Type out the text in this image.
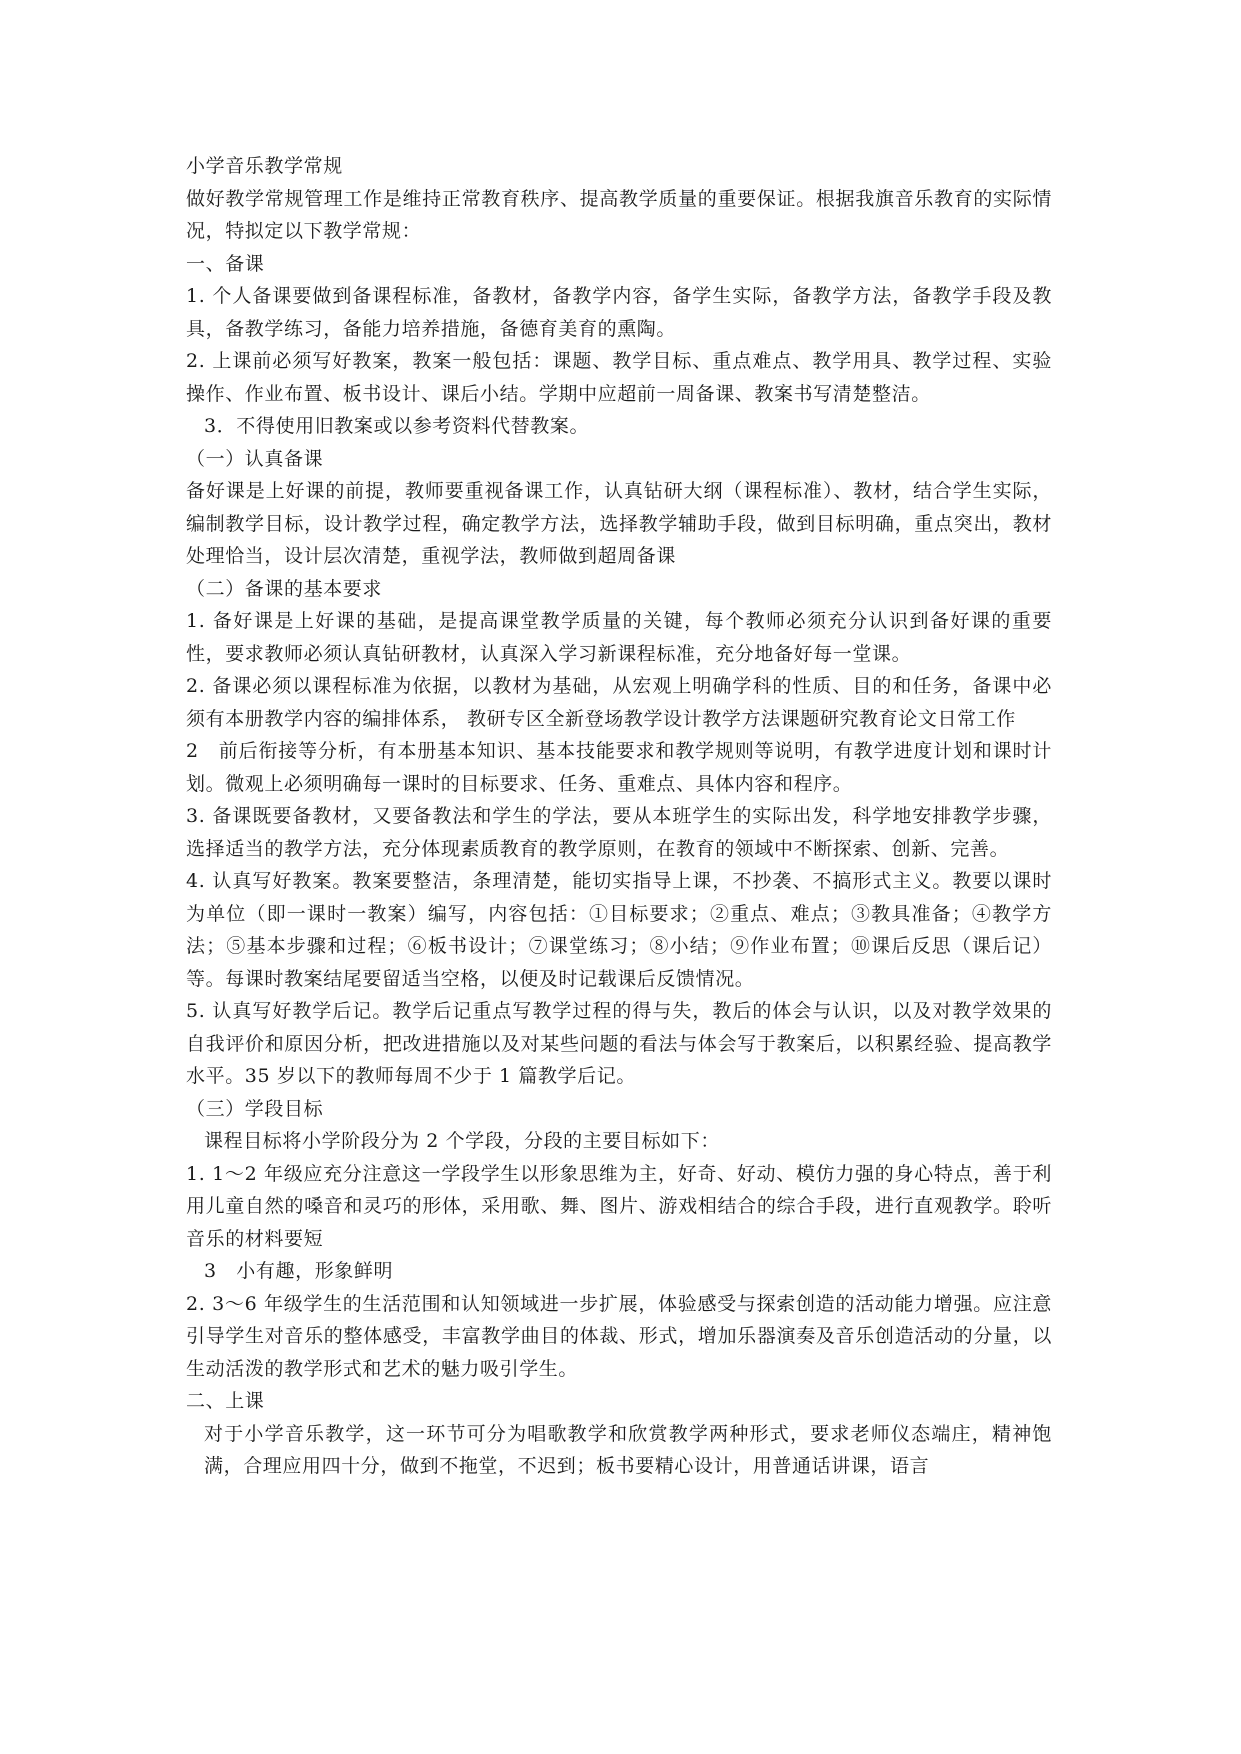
小学音乐教学常规

做好教学常规管理工作是维持正常教育秩序、提高教学质量的重要保证。根据我旗音乐教育的实际情况，特拟定以下教学常规：

一、备课

1. 个人备课要做到备课程标准，备教材，备教学内容，备学生实际，备教学方法，备教学手段及教具，备教学练习，备能力培养措施，备德育美育的熏陶。

2. 上课前必须写好教案，教案一般包括：课题、教学目标、重点难点、教学用具、教学过程、实验操作、作业布置、板书设计、课后小结。学期中应超前一周备课、教案书写清楚整洁。

3．不得使用旧教案或以参考资料代替教案。

（一）认真备课

备好课是上好课的前提，教师要重视备课工作，认真钻研大纲（课程标准）、教材，结合学生实际，编制教学目标，设计教学过程，确定教学方法，选择教学辅助手段，做到目标明确，重点突出，教材处理恰当，设计层次清楚，重视学法，教师做到超周备课

（二）备课的基本要求

1. 备好课是上好课的基础，是提高课堂教学质量的关键，每个教师必须充分认识到备好课的重要性，要求教师必须认真钻研教材，认真深入学习新课程标准，充分地备好每一堂课。

2. 备课必须以课程标准为依据，以教材为基础，从宏观上明确学科的性质、目的和任务，备课中必须有本册教学内容的编排体系， 教研专区全新登场教学设计教学方法课题研究教育论文日常工作

2　前后衔接等分析，有本册基本知识、基本技能要求和教学规则等说明，有教学进度计划和课时计划。微观上必须明确每一课时的目标要求、任务、重难点、具体内容和程序。

3. 备课既要备教材，又要备教法和学生的学法，要从本班学生的实际出发，科学地安排教学步骤，选择适当的教学方法，充分体现素质教育的教学原则，在教育的领域中不断探索、创新、完善。

4. 认真写好教案。教案要整洁，条理清楚，能切实指导上课，不抄袭、不搞形式主义。教要以课时为单位（即一课时一教案）编写，内容包括：①目标要求；②重点、难点；③教具准备；④教学方法；⑤基本步骤和过程；⑥板书设计；⑦课堂练习；⑧小结；⑨作业布置；⑩课后反思（课后记）等。每课时教案结尾要留适当空格，以便及时记载课后反馈情况。

5. 认真写好教学后记。教学后记重点写教学过程的得与失，教后的体会与认识，以及对教学效果的自我评价和原因分析，把改进措施以及对某些问题的看法与体会写于教案后，以积累经验、提高教学水平。35 岁以下的教师每周不少于 1 篇教学后记。

（三）学段目标

课程目标将小学阶段分为 2 个学段，分段的主要目标如下：

1. 1～2 年级应充分注意这一学段学生以形象思维为主，好奇、好动、模仿力强的身心特点，善于利用儿童自然的嗓音和灵巧的形体，采用歌、舞、图片、游戏相结合的综合手段，进行直观教学。聆听音乐的材料要短

3　小有趣，形象鲜明

2. 3～6 年级学生的生活范围和认知领域进一步扩展，体验感受与探索创造的活动能力增强。应注意引导学生对音乐的整体感受，丰富教学曲目的体裁、形式，增加乐器演奏及音乐创造活动的分量，以生动活泼的教学形式和艺术的魅力吸引学生。

二、上课

对于小学音乐教学，这一环节可分为唱歌教学和欣赏教学两种形式，要求老师仪态端庄，精神饱满，合理应用四十分，做到不拖堂，不迟到；板书要精心设计，用普通话讲课，语言
